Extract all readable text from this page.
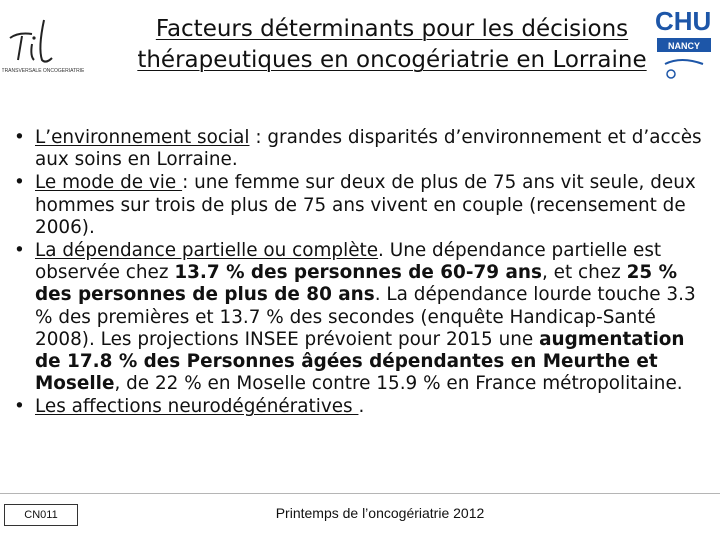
TRANSVERSALE ONCOGERIATRIE
CHU
NANCY
Facteurs déterminants pour les décisions
thérapeutiques en oncogériatrie en Lorraine
• L’environnement social : grandes disparités d’environnement et d’accès aux soins en Lorraine.
• Le mode de vie : une femme sur deux de plus de 75 ans vit seule, deux hommes sur trois de plus de 75 ans vivent en couple (recensement de 2006).
• La dépendance partielle ou complète. Une dépendance partielle est observée chez 13.7 % des personnes de 60-79 ans, et chez 25 % des personnes de plus de 80 ans. La dépendance lourde touche 3.3 % des premières et 13.7 % des secondes (enquête Handicap-Santé 2008). Les projections INSEE prévoient pour 2015 une augmentation de 17.8 % des Personnes âgées dépendantes en Meurthe et Moselle, de 22 % en Moselle contre 15.9 % en France métropolitaine.
• Les affections neurodégénératives .
CN011	Printemps de l’oncogériatrie 2012
